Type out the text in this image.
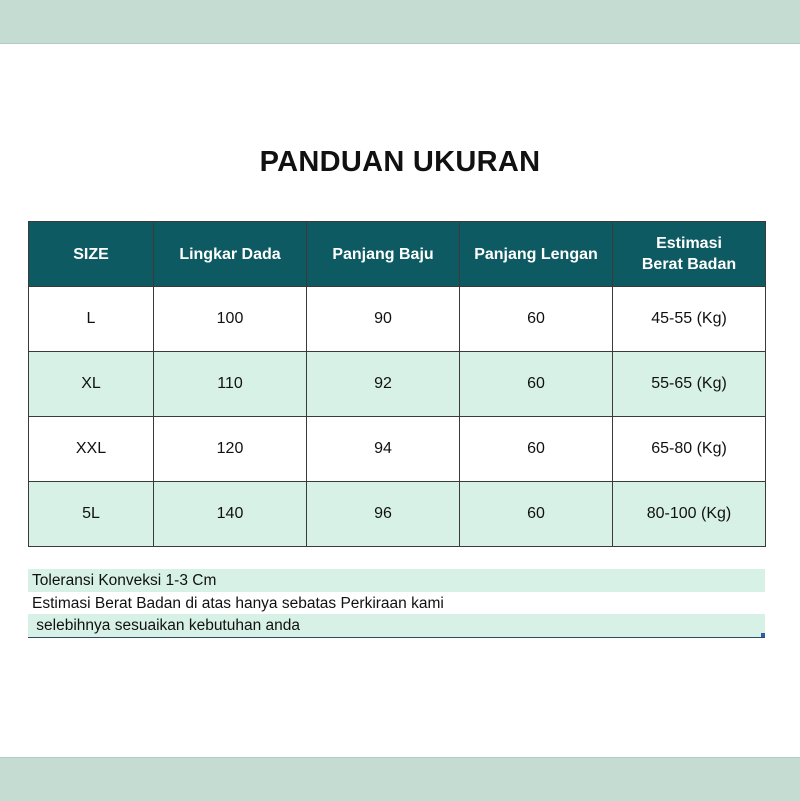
PANDUAN UKURAN
SIZE	Lingkar Dada	Panjang Baju	Panjang Lengan	Estimasi
Berat Badan
L	100	90	60	45-55 (Kg)
XL	110	92	60	55-65 (Kg)
XXL	120	94	60	65-80 (Kg)
5L	140	96	60	80-100 (Kg)
Toleransi Konveksi 1-3 Cm
Estimasi Berat Badan di atas hanya sebatas Perkiraan kami
selebihnya sesuaikan kebutuhan anda
